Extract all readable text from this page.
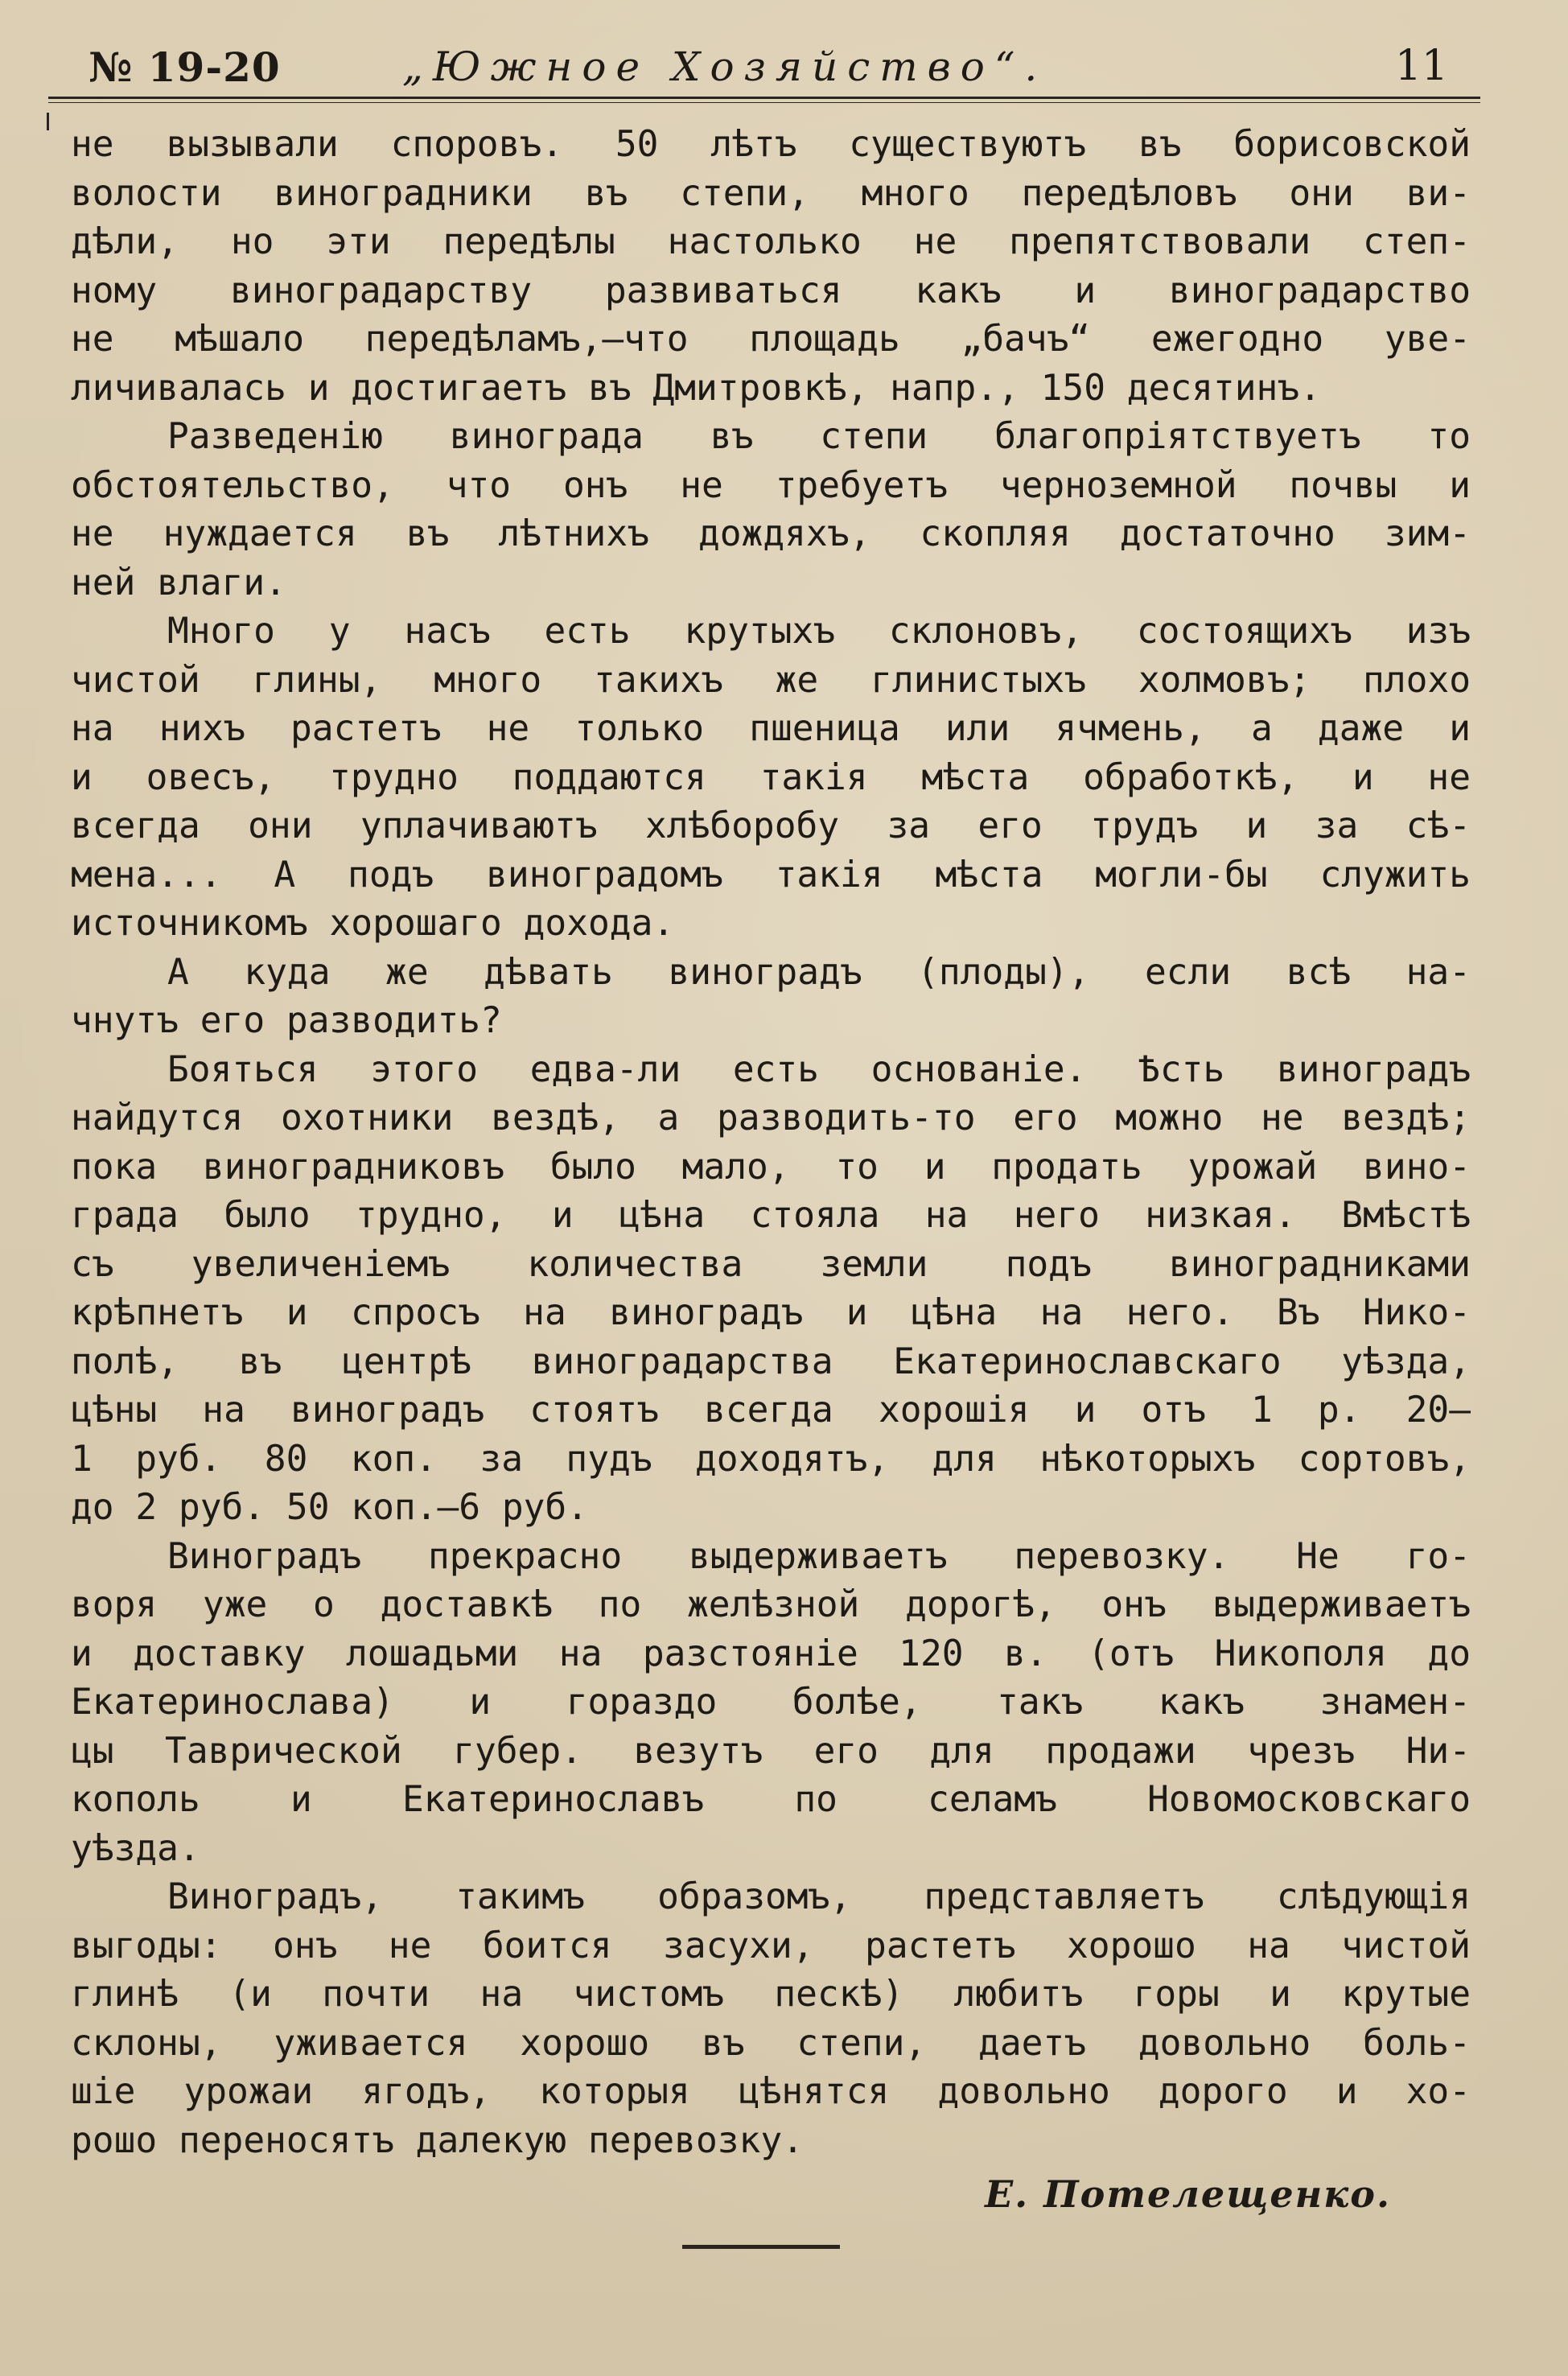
№ 19-20	„Южное Хозяйство“.	11
не вызывали споровъ. 50 лѣтъ существуютъ въ борисовской
волости виноградники въ степи, много передѣловъ они ви-
дѣли, но эти передѣлы настолько не препятствовали степ-
ному виноградарству развиваться какъ и виноградарство
не мѣшало передѣламъ,—что площадь „бачъ“ ежегодно уве-
личивалась и достигаетъ въ Дмитровкѣ, напр., 150 десятинъ.
Разведенію винограда въ степи благопріятствуетъ то
обстоятельство, что онъ не требуетъ черноземной почвы и
не нуждается въ лѣтнихъ дождяхъ, скопляя достаточно зим-
ней влаги.
Много у насъ есть крутыхъ склоновъ, состоящихъ изъ
чистой глины, много такихъ же глинистыхъ холмовъ; плохо
на нихъ растетъ не только пшеница или ячмень, а даже и
и овесъ, трудно поддаются такія мѣста обработкѣ, и не
всегда они уплачиваютъ хлѣборобу за его трудъ и за сѣ-
мена... А подъ виноградомъ такія мѣста могли-бы служить
источникомъ хорошаго дохода.
А куда же дѣвать виноградъ (плоды), если всѣ на-
чнутъ его разводить?
Бояться этого едва-ли есть основаніе. Ѣсть виноградъ
найдутся охотники вездѣ, а разводить-то его можно не вездѣ;
пока виноградниковъ было мало, то и продать урожай вино-
града было трудно, и цѣна стояла на него низкая. Вмѣстѣ
съ увеличеніемъ количества земли подъ виноградниками
крѣпнетъ и спросъ на виноградъ и цѣна на него. Въ Нико-
полѣ, въ центрѣ виноградарства Екатеринославскаго уѣзда,
цѣны на виноградъ стоятъ всегда хорошія и отъ 1 р. 20—
1 руб. 80 коп. за пудъ доходятъ, для нѣкоторыхъ сортовъ,
до 2 руб. 50 коп.—6 руб.
Виноградъ прекрасно выдерживаетъ перевозку. Не го-
воря уже о доставкѣ по желѣзной дорогѣ, онъ выдерживаетъ
и доставку лошадьми на разстояніе 120 в. (отъ Никополя до
Екатеринослава) и гораздо болѣе, такъ какъ знамен-
цы Таврической губер. везутъ его для продажи чрезъ Ни-
кополь и Екатеринославъ по селамъ Новомосковскаго
уѣзда.
Виноградъ, такимъ образомъ, представляетъ слѣдующія
выгоды: онъ не боится засухи, растетъ хорошо на чистой
глинѣ (и почти на чистомъ пескѣ) любитъ горы и крутые
склоны, уживается хорошо въ степи, даетъ довольно боль-
шіе урожаи ягодъ, которыя цѣнятся довольно дорого и хо-
рошо переносятъ далекую перевозку.
Е. Потелещенко.
